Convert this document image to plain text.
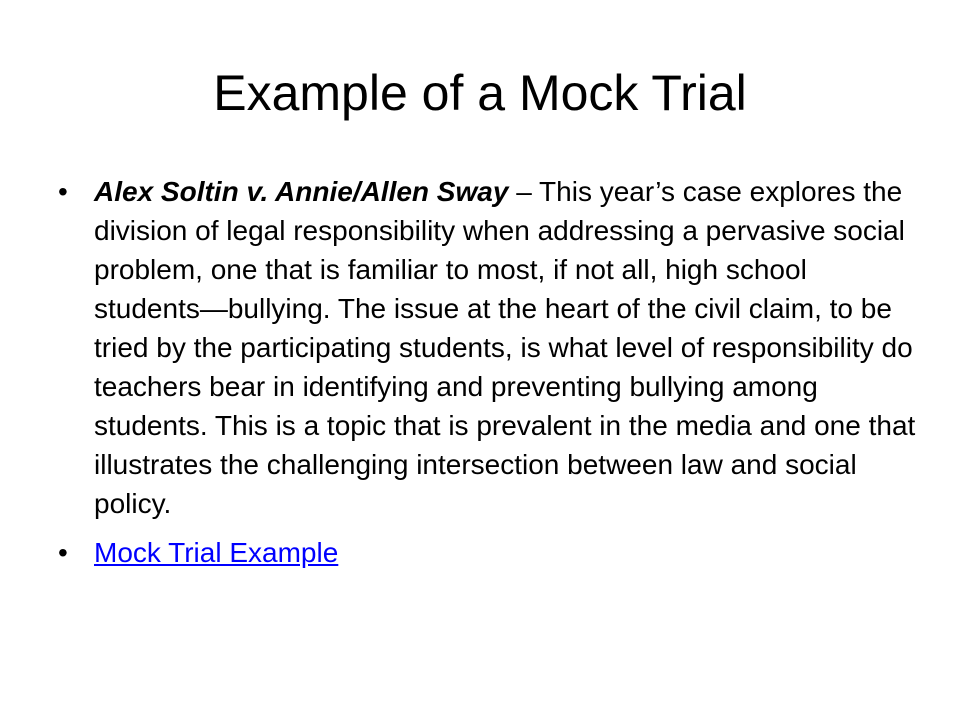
Example of a Mock Trial
• Alex Soltin v. Annie/Allen Sway – This year’s case explores the division of legal responsibility when addressing a pervasive social problem, one that is familiar to most, if not all, high school students—bullying. The issue at the heart of the civil claim, to be tried by the participating students, is what level of responsibility do teachers bear in identifying and preventing bullying among students. This is a topic that is prevalent in the media and one that illustrates the challenging intersection between law and social policy.
• Mock Trial Example
